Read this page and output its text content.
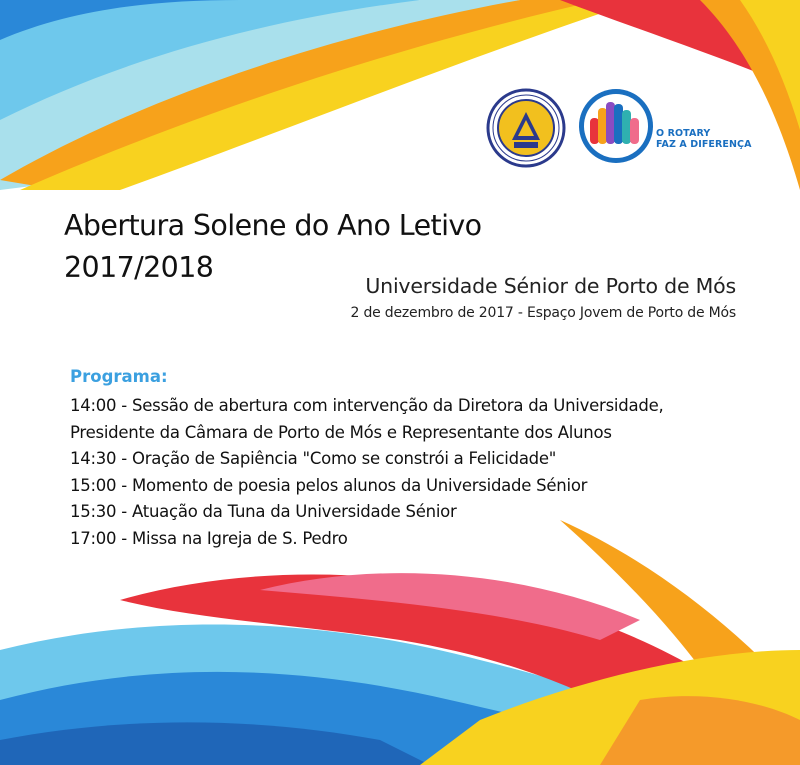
O ROTARY
FAZ A DIFERENÇA
Abertura Solene do Ano Letivo
2017/2018
Universidade Sénior de Porto de Mós
2 de dezembro de 2017 - Espaço Jovem de Porto de Mós
Programa:
14:00 - Sessão de abertura com intervenção da Diretora da Universidade,
Presidente da Câmara de Porto de Mós e Representante dos Alunos
14:30 - Oração de Sapiência "Como se constrói a Felicidade"
15:00 - Momento de poesia pelos alunos da Universidade Sénior
15:30 - Atuação da Tuna da Universidade Sénior
17:00 - Missa na Igreja de S. Pedro
